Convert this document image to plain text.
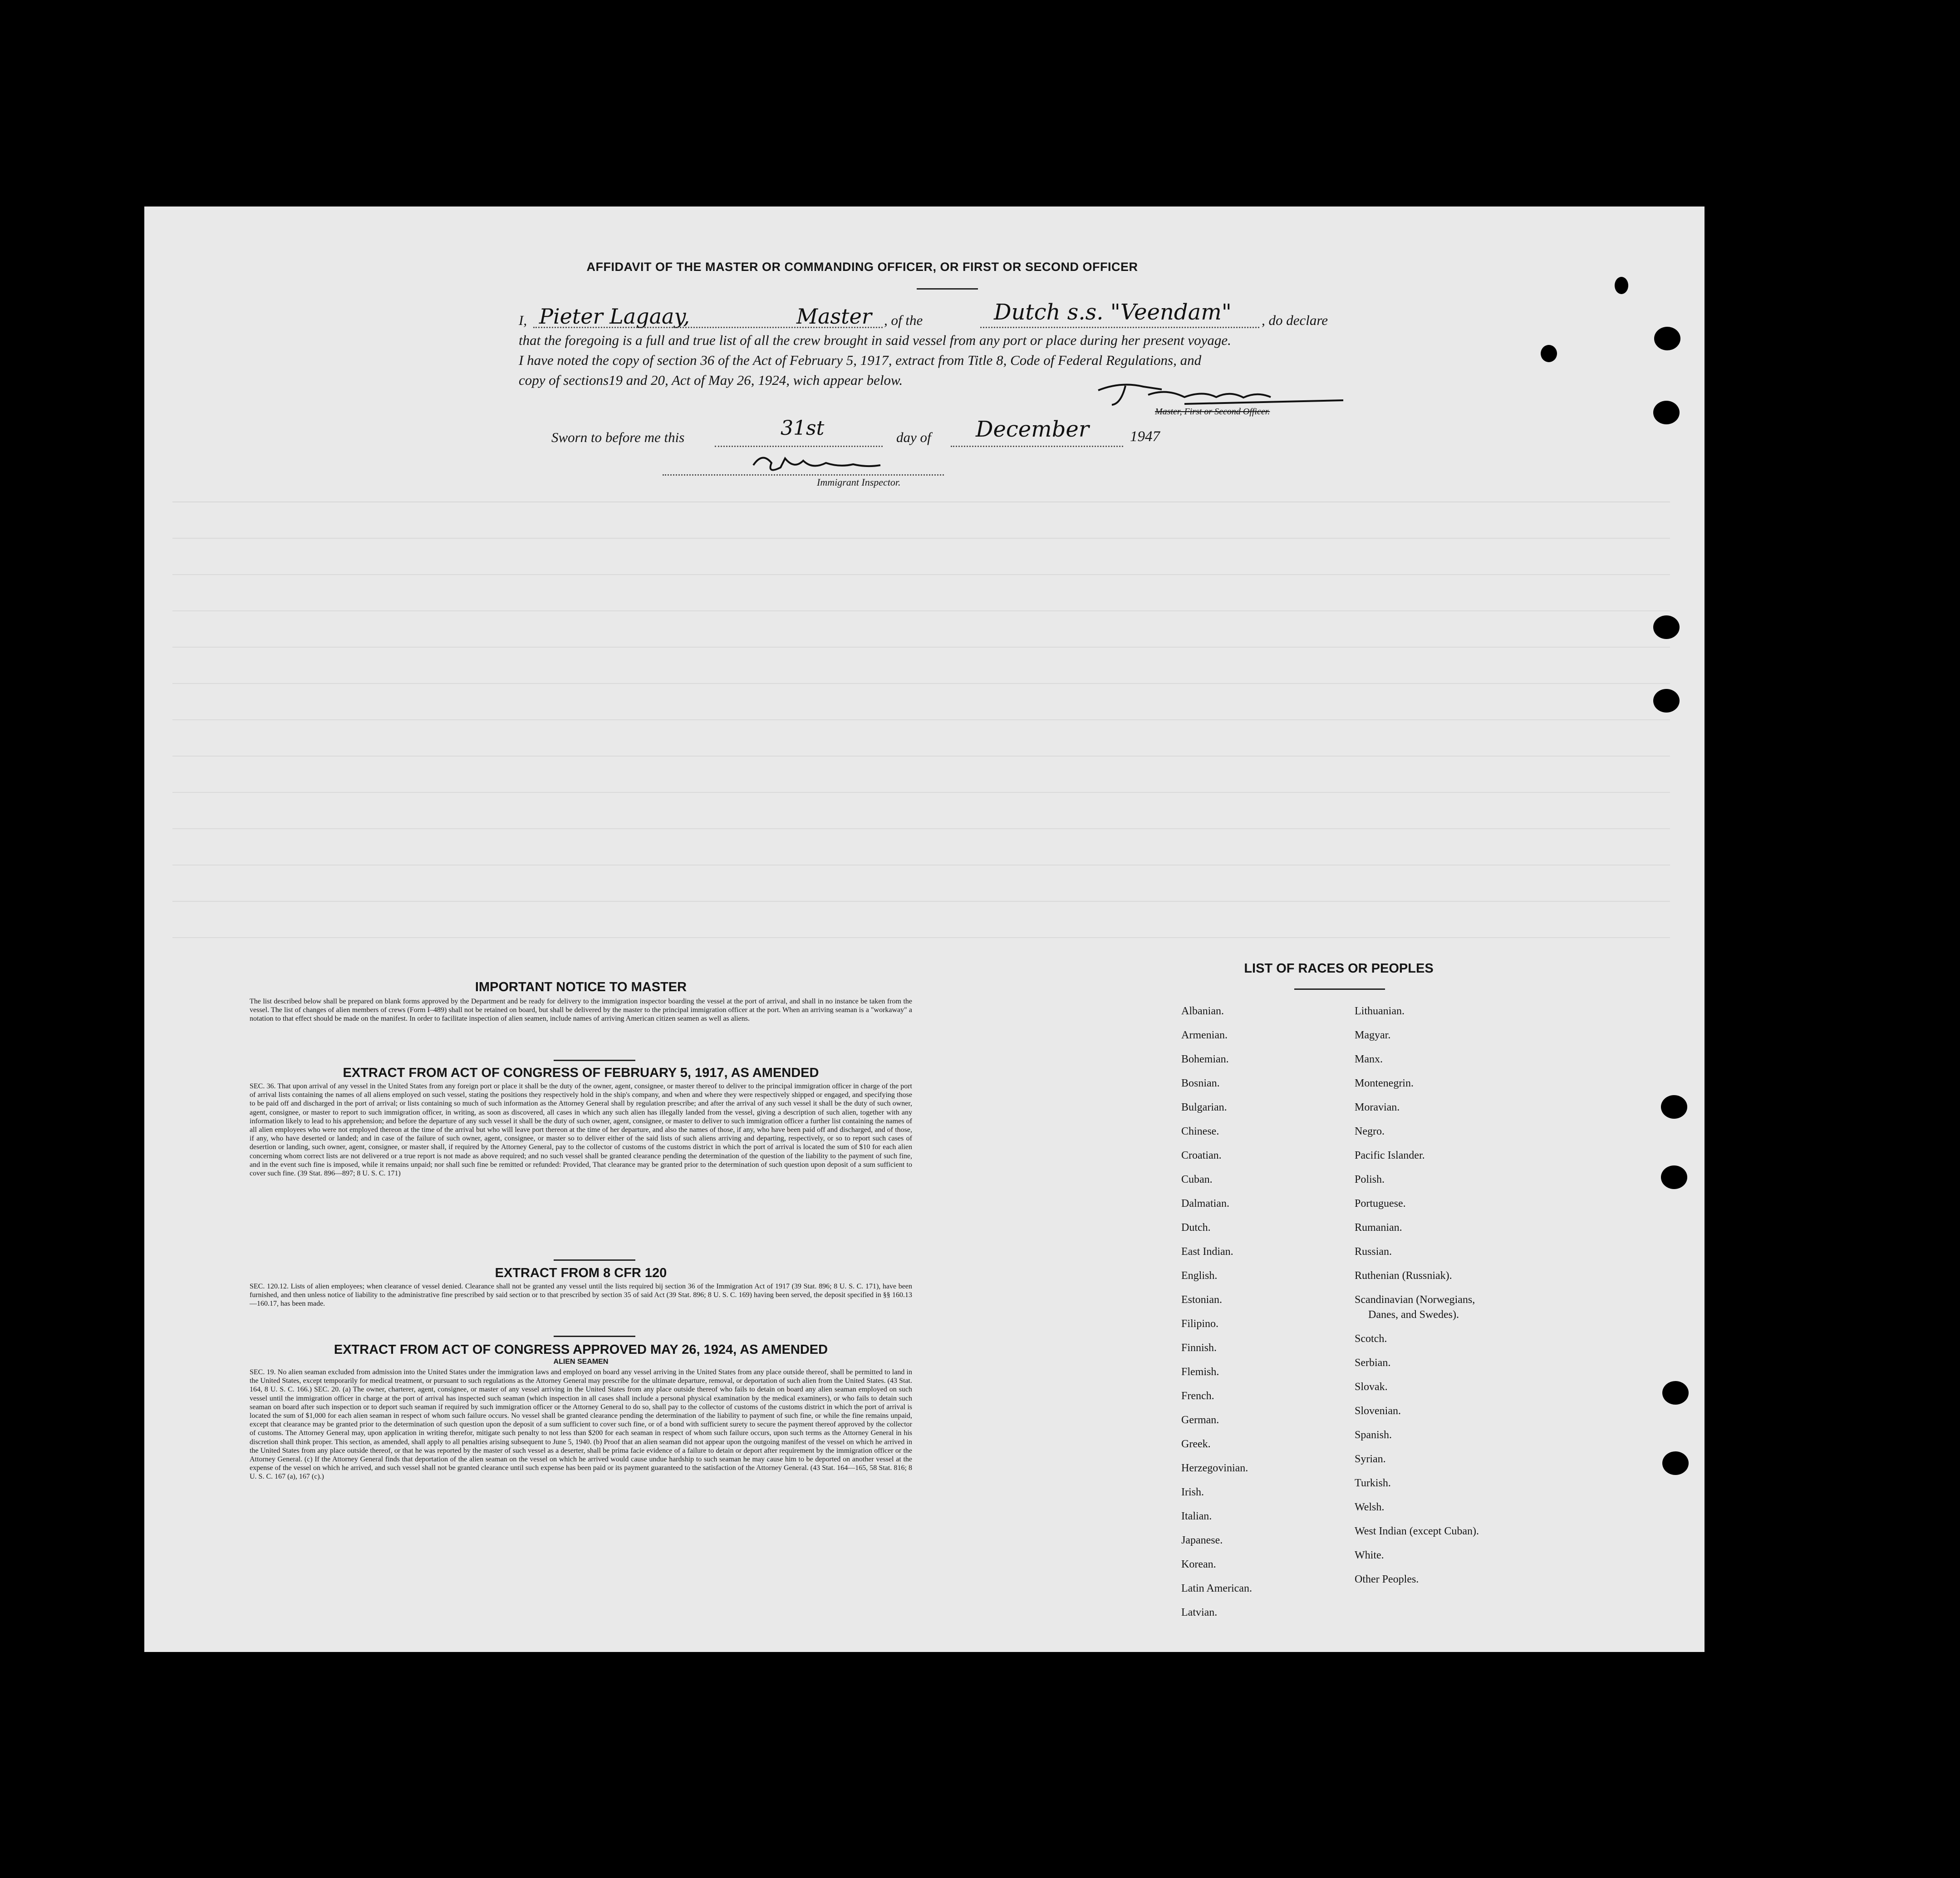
AFFIDAVIT OF THE MASTER OR COMMANDING OFFICER, OR FIRST OR SECOND OFFICER
I, Pieter Lagaay,	Master , of the	Dutch s.s. "Veendam" , do declare
that the foregoing is a full and true list of all the crew brought in said vessel from any port or place during her present voyage.
I have noted the copy of section 36 of the Act of February 5, 1917, extract from Title 8, Code of Federal Regulations, and
copy of sections19 and 20, Act of May 26, 1924, wich appear below.
Master, First or Second Officer.
Sworn to before me this	31st	day of December	1947
Immigrant Inspector.
IMPORTANT NOTICE TO MASTER
The list described below shall be prepared on blank forms approved by the Department and be ready for delivery to the immigration inspector boarding the vessel at the port of arrival, and shall in no instance be taken from the vessel. The list of changes of alien members of crews (Form I–489) shall not be retained on board, but shall be delivered by the master to the principal immigration officer at the port. When an arriving seaman is a "workaway" a notation to that effect should be made on the manifest. In order to facilitate inspection of alien seamen, include names of arriving American citizen seamen as well as aliens.
EXTRACT FROM ACT OF CONGRESS OF FEBRUARY 5, 1917, AS AMENDED
SEC. 36. That upon arrival of any vessel in the United States from any foreign port or place it shall be the duty of the owner, agent, consignee, or master thereof to deliver to the principal immigration officer in charge of the port of arrival lists containing the names of all aliens employed on such vessel, stating the positions they respectively hold in the ship's company, and when and where they were respectively shipped or engaged, and specifying those to be paid off and discharged in the port of arrival; or lists containing so much of such information as the Attorney General shall by regulation prescribe; and after the arrival of any such vessel it shall be the duty of such owner, agent, consignee, or master to report to such immigration officer, in writing, as soon as discovered, all cases in which any such alien has illegally landed from the vessel, giving a description of such alien, together with any information likely to lead to his apprehension; and before the departure of any such vessel it shall be the duty of such owner, agent, consignee, or master to deliver to such immigration officer a further list containing the names of all alien employees who were not employed thereon at the time of the arrival but who will leave port thereon at the time of her departure, and also the names of those, if any, who have been paid off and discharged, and of those, if any, who have deserted or landed; and in case of the failure of such owner, agent, consignee, or master so to deliver either of the said lists of such aliens arriving and departing, respectively, or so to report such cases of desertion or landing, such owner, agent, consignee, or master shall, if required by the Attorney General, pay to the collector of customs of the customs district in which the port of arrival is located the sum of $10 for each alien concerning whom correct lists are not delivered or a true report is not made as above required; and no such vessel shall be granted clearance pending the determination of the question of the liability to the payment of such fine, and in the event such fine is imposed, while it remains unpaid; nor shall such fine be remitted or refunded: Provided, That clearance may be granted prior to the determination of such question upon deposit of a sum sufficient to cover such fine. (39 Stat. 896—897; 8 U. S. C. 171)
EXTRACT FROM 8 CFR 120
SEC. 120.12. Lists of alien employees; when clearance of vessel denied. Clearance shall not be granted any vessel until the lists required bij section 36 of the Immigration Act of 1917 (39 Stat. 896; 8 U. S. C. 171), have been furnished, and then unless notice of liability to the administrative fine prescribed by said section or to that prescribed by section 35 of said Act (39 Stat. 896; 8 U. S. C. 169) having been served, the deposit specified in §§ 160.13—160.17, has been made.
EXTRACT FROM ACT OF CONGRESS APPROVED MAY 26, 1924, AS AMENDED
ALIEN SEAMEN
SEC. 19. No alien seaman excluded from admission into the United States under the immigration laws and employed on board any vessel arriving in the United States from any place outside thereof, shall be permitted to land in the United States, except temporarily for medical treatment, or pursuant to such regulations as the Attorney General may prescribe for the ultimate departure, removal, or deportation of such alien from the United States. (43 Stat. 164, 8 U. S. C. 166.) SEC. 20. (a) The owner, charterer, agent, consignee, or master of any vessel arriving in the United States from any place outside thereof who fails to detain on board any alien seaman employed on such vessel until the immigration officer in charge at the port of arrival has inspected such seaman (which inspection in all cases shall include a personal physical examination by the medical examiners), or who fails to detain such seaman on board after such inspection or to deport such seaman if required by such immigration officer or the Attorney General to do so, shall pay to the collector of customs of the customs district in which the port of arrival is located the sum of $1,000 for each alien seaman in respect of whom such failure occurs. No vessel shall be granted clearance pending the determination of the liability to payment of such fine, or while the fine remains unpaid, except that clearance may be granted prior to the determination of such question upon the deposit of a sum sufficient to cover such fine, or of a bond with sufficient surety to secure the payment thereof approved by the collector of customs. The Attorney General may, upon application in writing therefor, mitigate such penalty to not less than $200 for each seaman in respect of whom such failure occurs, upon such terms as the Attorney General in his discretion shall think proper. This section, as amended, shall apply to all penalties arising subsequent to June 5, 1940. (b) Proof that an alien seaman did not appear upon the outgoing manifest of the vessel on which he arrived in the United States from any place outside thereof, or that he was reported by the master of such vessel as a deserter, shall be prima facie evidence of a failure to detain or deport after requirement by the immigration officer or the Attorney General. (c) If the Attorney General finds that deportation of the alien seaman on the vessel on which he arrived would cause undue hardship to such seaman he may cause him to be deported on another vessel at the expense of the vessel on which he arrived, and such vessel shall not be granted clearance until such expense has been paid or its payment guaranteed to the satisfaction of the Attorney General. (43 Stat. 164—165, 58 Stat. 816; 8 U. S. C. 167 (a), 167 (c).)
LIST OF RACES OR PEOPLES
Albanian.
Armenian.
Bohemian.
Bosnian.
Bulgarian.
Chinese.
Croatian.
Cuban.
Dalmatian.
Dutch.
East Indian.
English.
Estonian.
Filipino.
Finnish.
Flemish.
French.
German.
Greek.
Herzegovinian.
Irish.
Italian.
Japanese.
Korean.
Latin American.
Latvian.
Lithuanian.
Magyar.
Manx.
Montenegrin.
Moravian.
Negro.
Pacific Islander.
Polish.
Portuguese.
Rumanian.
Russian.
Ruthenian (Russniak).
Scandinavian (Norwegians,
Danes, and Swedes).
Scotch.
Serbian.
Slovak.
Slovenian.
Spanish.
Syrian.
Turkish.
Welsh.
West Indian (except Cuban).
White.
Other Peoples.
